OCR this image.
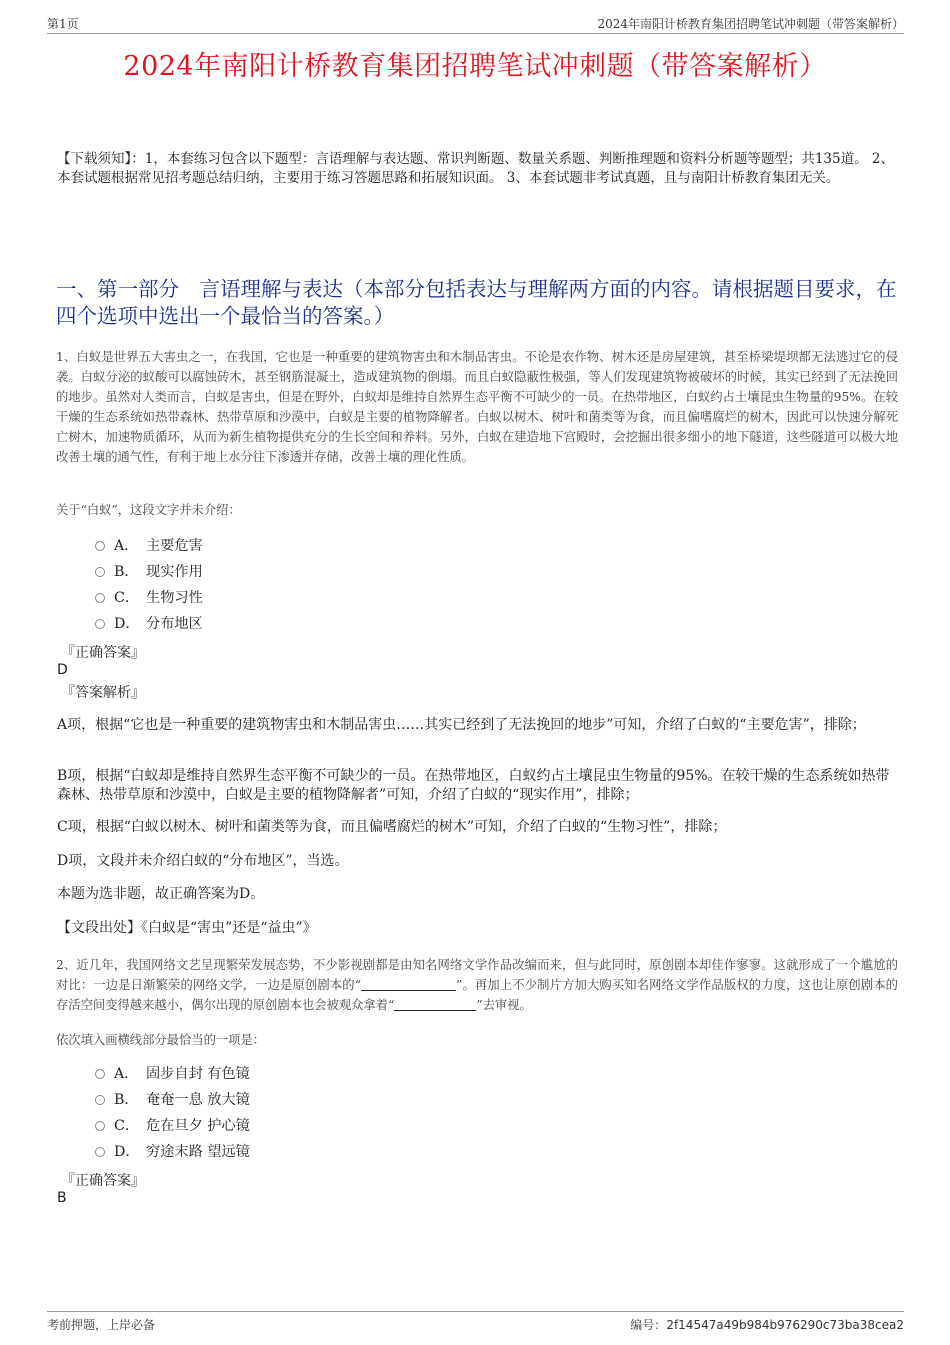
第1页	2024年南阳计桥教育集团招聘笔试冲刺题（带答案解析）
2024年南阳计桥教育集团招聘笔试冲刺题（带答案解析）
【下载须知】：1，本套练习包含以下题型：言语理解与表达题、常识判断题、数量关系题、判断推理题和资料分析题等题型；共135道。 2、本套试题根据常见招考题总结归纳，主要用于练习答题思路和拓展知识面。 3、本套试题非考试真题，且与南阳计桥教育集团无关。
一、第一部分　言语理解与表达（本部分包括表达与理解两方面的内容。请根据题目要求，在四个选项中选出一个最恰当的答案。）
1、白蚁是世界五大害虫之一，在我国，它也是一种重要的建筑物害虫和木制品害虫。不论是农作物、树木还是房屋建筑，甚至桥梁堤坝都无法逃过它的侵袭。白蚁分泌的蚁酸可以腐蚀砖木，甚至钢筋混凝土，造成建筑物的倒塌。而且白蚁隐蔽性极强，等人们发现建筑物被破坏的时候，其实已经到了无法挽回的地步。虽然对人类而言，白蚁是害虫，但是在野外，白蚁却是维持自然界生态平衡不可缺少的一员。在热带地区，白蚁约占土壤昆虫生物量的95%。在较干燥的生态系统如热带森林、热带草原和沙漠中，白蚁是主要的植物降解者。白蚁以树木、树叶和菌类等为食，而且偏嗜腐烂的树木，因此可以快速分解死亡树木，加速物质循环，从而为新生植物提供充分的生长空间和养料。另外，白蚁在建造地下宫殿时，会挖掘出很多细小的地下隧道，这些隧道可以极大地改善土壤的通气性，有利于地上水分往下渗透并存储，改善土壤的理化性质。
关于“白蚁”，这段文字并未介绍：
A． 主要危害
B． 现实作用
C． 生物习性
D． 分布地区
『正确答案』
D
『答案解析』
A项，根据“它也是一种重要的建筑物害虫和木制品害虫……其实已经到了无法挽回的地步”可知，介绍了白蚁的“主要危害”，排除；
B项，根据“白蚁却是维持自然界生态平衡不可缺少的一员。在热带地区，白蚁约占土壤昆虫生物量的95%。在较干燥的生态系统如热带森林、热带草原和沙漠中，白蚁是主要的植物降解者”可知，介绍了白蚁的“现实作用”，排除；
C项，根据“白蚁以树木、树叶和菌类等为食，而且偏嗜腐烂的树木”可知，介绍了白蚁的“生物习性”，排除；
D项，文段并未介绍白蚁的“分布地区”，当选。
本题为选非题，故正确答案为D。
【文段出处】《白蚁是“害虫”还是“益虫”》
2、近几年，我国网络文艺呈现繁荣发展态势，不少影视剧都是由知名网络文学作品改编而来，但与此同时，原创剧本却佳作寥寥。这就形成了一个尴尬的对比：一边是日渐繁荣的网络文学，一边是原创剧本的“	”。再加上不少制片方加大购买知名网络文学作品版权的力度，这也让原创剧本的存活空间变得越来越小，偶尔出现的原创剧本也会被观众拿着“	”去审视。
依次填入画横线部分最恰当的一项是：
A． 固步自封 有色镜
B． 奄奄一息 放大镜
C． 危在旦夕 护心镜
D． 穷途末路 望远镜
『正确答案』
B
考前押题，上岸必备	编号：2f14547a49b984b976290c73ba38cea2
